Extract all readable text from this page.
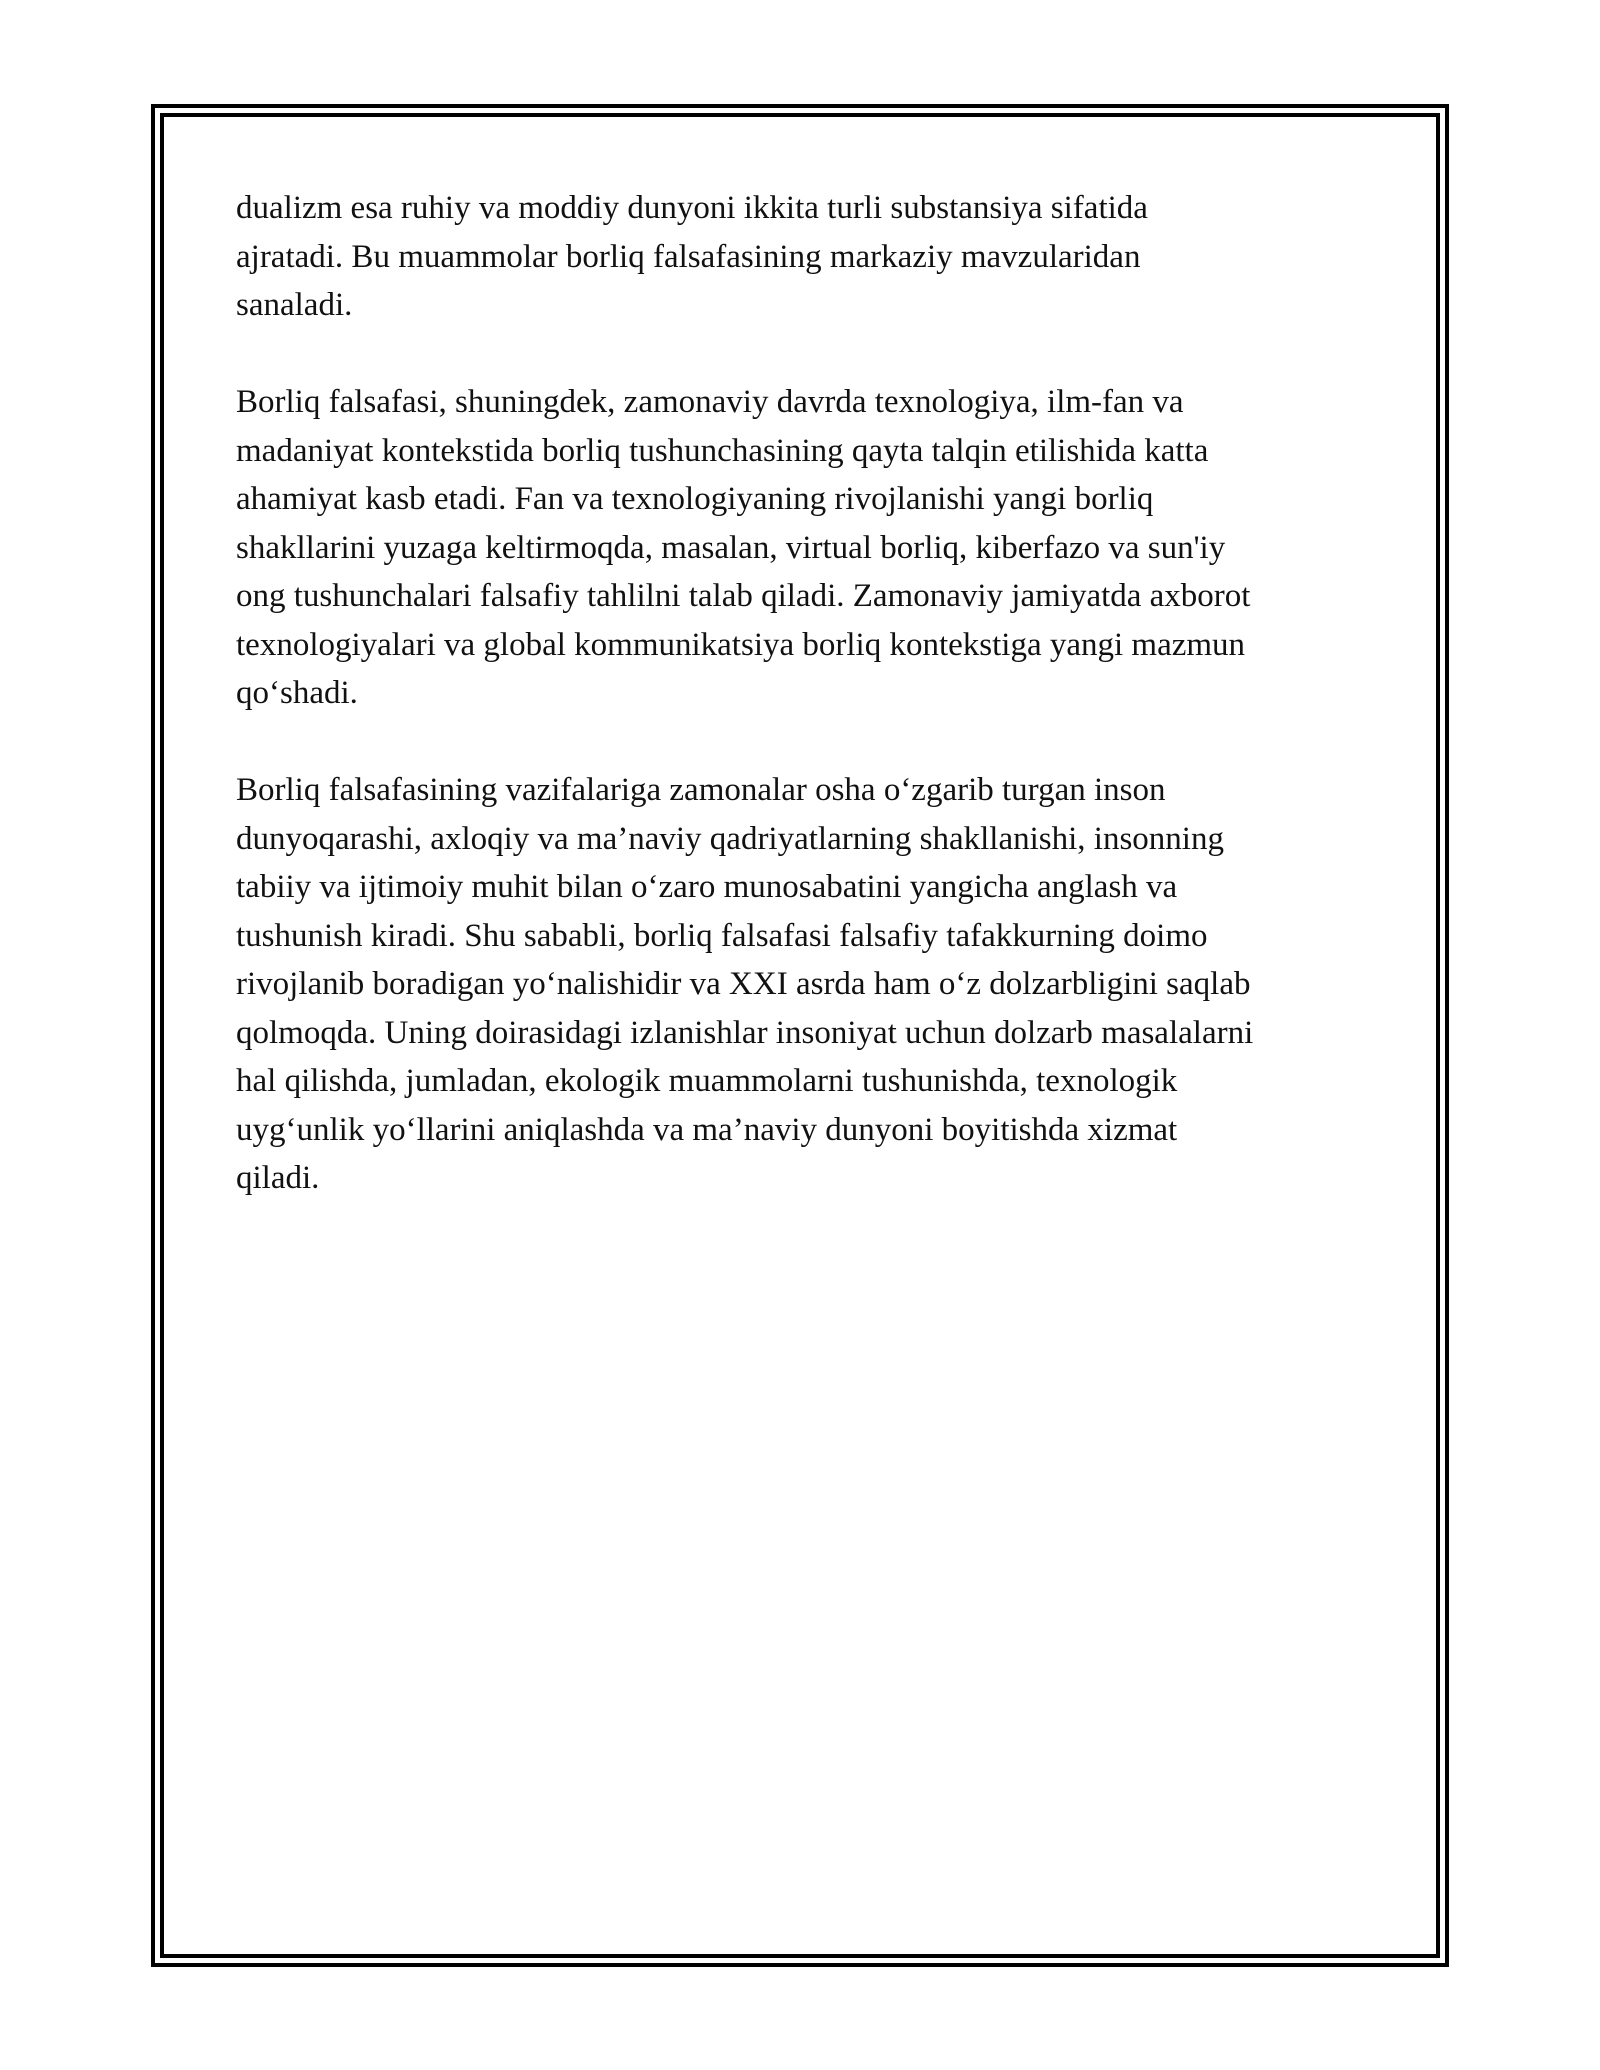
dualizm esa ruhiy va moddiy dunyoni ikkita turli substansiya sifatida
ajratadi. Bu muammolar borliq falsafasining markaziy mavzularidan
sanaladi.

Borliq falsafasi, shuningdek, zamonaviy davrda texnologiya, ilm-fan va
madaniyat kontekstida borliq tushunchasining qayta talqin etilishida katta
ahamiyat kasb etadi. Fan va texnologiyaning rivojlanishi yangi borliq
shakllarini yuzaga keltirmoqda, masalan, virtual borliq, kiberfazo va sun'iy
ong tushunchalari falsafiy tahlilni talab qiladi. Zamonaviy jamiyatda axborot
texnologiyalari va global kommunikatsiya borliq kontekstiga yangi mazmun
qo‘shadi.

Borliq falsafasining vazifalariga zamonalar osha o‘zgarib turgan inson
dunyoqarashi, axloqiy va ma’naviy qadriyatlarning shakllanishi, insonning
tabiiy va ijtimoiy muhit bilan o‘zaro munosabatini yangicha anglash va
tushunish kiradi. Shu sababli, borliq falsafasi falsafiy tafakkurning doimo
rivojlanib boradigan yo‘nalishidir va XXI asrda ham o‘z dolzarbligini saqlab
qolmoqda. Uning doirasidagi izlanishlar insoniyat uchun dolzarb masalalarni
hal qilishda, jumladan, ekologik muammolarni tushunishda, texnologik
uyg‘unlik yo‘llarini aniqlashda va ma’naviy dunyoni boyitishda xizmat
qiladi.
